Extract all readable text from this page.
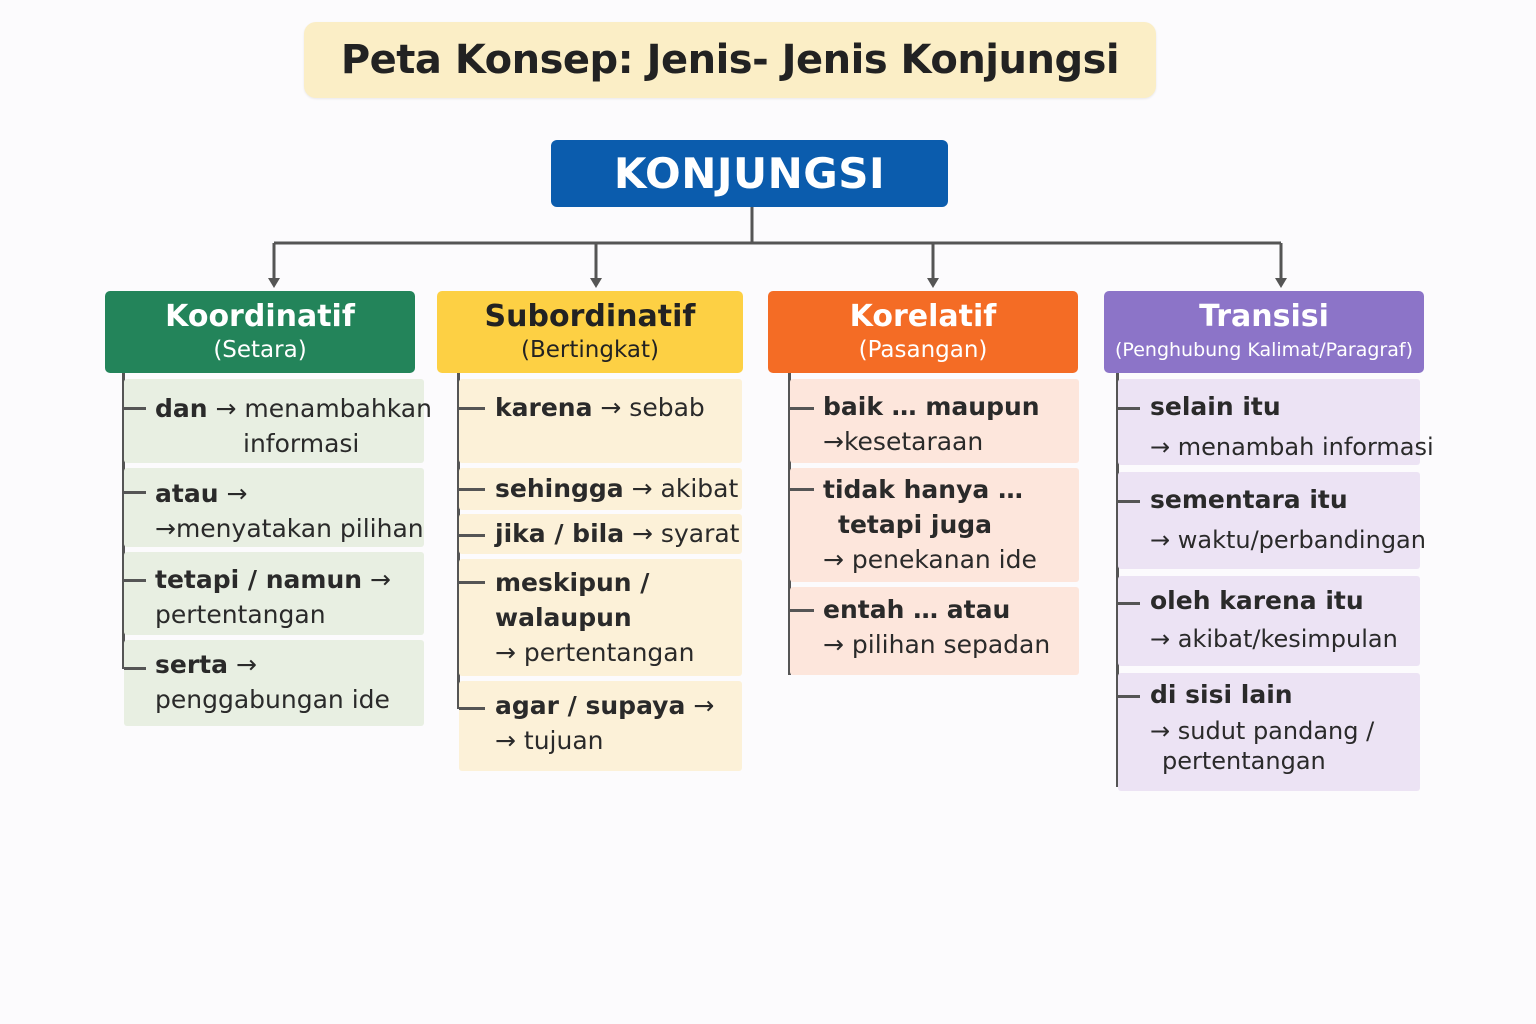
Peta Konsep: Jenis- Jenis Konjungsi
KONJUNGSI
Koordinatif
(Setara)
dan → menambahkan
informasi
atau →
→menyatakan pilihan
tetapi / namun →
pertentangan
serta →
penggabungan ide
Subordinatif
(Bertingkat)
karena → sebab
sehingga → akibat
jika / bila → syarat
meskipun /
walaupun
→ pertentangan
agar / supaya →
→ tujuan
Korelatif
(Pasangan)
baik … maupun
→kesetaraan
tidak hanya …
tetapi juga
→ penekanan ide
entah … atau
→ pilihan sepadan
Transisi
(Penghubung Kalimat/Paragraf)
selain itu
→ menambah informasi
sementara itu
→ waktu/perbandingan
oleh karena itu
→ akibat/kesimpulan
di sisi lain
→ sudut pandang /
pertentangan
